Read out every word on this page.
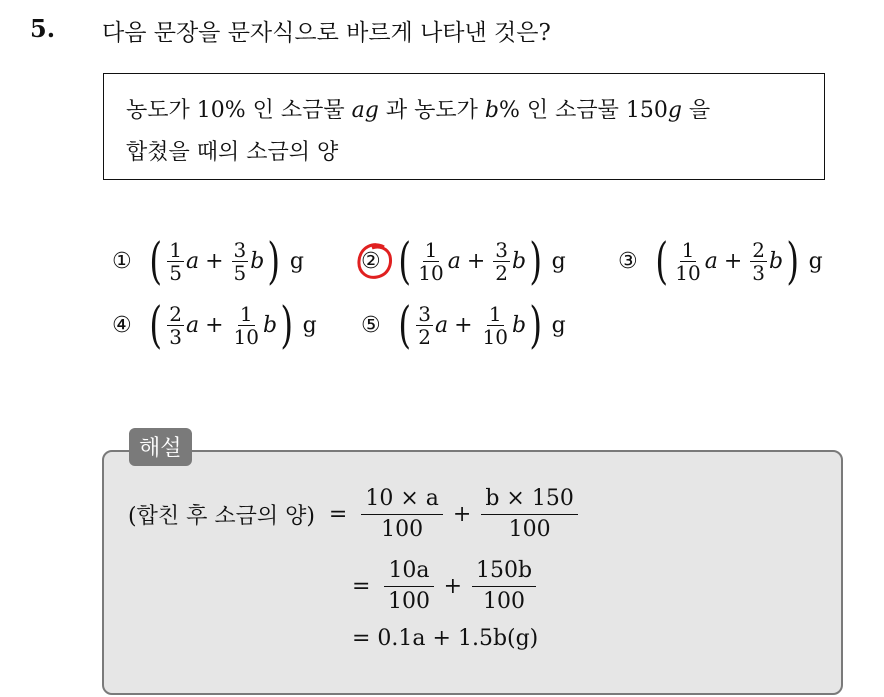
5. 다음 문장을 문자식으로 바르게 나타낸 것은?
농도가 10% 인 소금물 ag 과 농도가 b% 인 소금물 150g 을
합쳤을 때의 소금의 양
① ( $\frac{1}{5}$ $a + \frac{3}{5}$ b ) g	② ( $\frac{1}{10}$ $a + \frac{3}{2}$ b ) g ③ ( $\frac{1}{10}$ $a + \frac{2}{3}$ b ) g
④ ( $\frac{2}{3}$ $a + \frac{1}{10}$ b ) g ⑤ ( $\frac{3}{2}$ $a + \frac{1}{10}$ b ) g
해설
(합친 후 소금의 양) = $\frac{10 \times a}{100} + \frac{b \times 150}{100}$
= $\frac{10a}{100} + \frac{150b}{100}$
= 0.1a + 1.5b(g)
